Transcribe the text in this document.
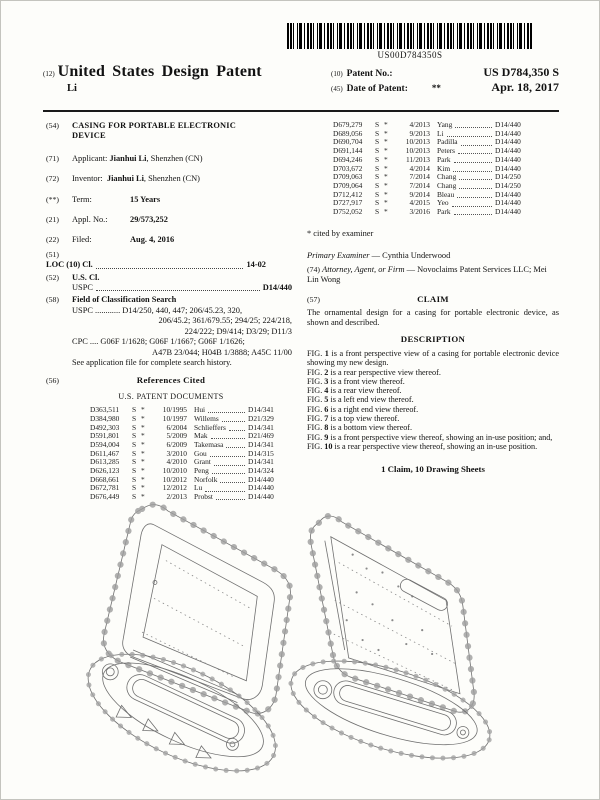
US00D784350S
(12) United States Design Patent
Li
(10) Patent No.:	US D784,350 S
(45) Date of Patent:	**	Apr. 18, 2017
(54) CASING FOR PORTABLE ELECTRONIC DEVICE
(71) Applicant: Jianhui Li, Shenzhen (CN)
(72) Inventor: Jianhui Li, Shenzhen (CN)
(**) Term:	15 Years
(21) Appl. No.:	29/573,252
(22) Filed:	Aug. 4, 2016
(51)
LOC (10) Cl.	14-02
(52) U.S. Cl.
USPC	D14/440
(58) Field of Classification Search
USPC ............ D14/250, 440, 447; 206/45.23, 320,
206/45.2; 361/679.55; 294/25; 224/218,
224/222; D9/414; D3/29; D11/3
CPC .... G06F 1/1628; G06F 1/1667; G06F 1/1626;
A47B 23/044; H04B 1/3888; A45C 11/00
See application file for complete search history.
(56)	References Cited
U.S. PATENT DOCUMENTS
D363,511	S *	10/1995 Hui	D14/341
D384,980	S *	10/1997 Willems	D21/329
D492,303	S *	6/2004 Schlieffers	D14/341
D591,801	S *	5/2009 Mak	D21/469
D594,004	S *	6/2009 Takemasa	D14/341
D611,467	S *	3/2010 Gou	D14/315
D613,285	S *	4/2010 Grant	D14/341
D626,123	S *	10/2010 Peng	D14/324
D668,661	S *	10/2012 Norfolk	D14/440
D672,781	S *	12/2012 Lu	D14/440
D676,449	S *	2/2013 Probst	D14/440
D679,279	S *	4/2013 Yang	D14/440
D689,056	S *	9/2013 Li	D14/440
D690,704	S *	10/2013 Padilla	D14/440
D691,144	S *	10/2013 Peters	D14/440
D694,246	S *	11/2013 Park	D14/440
D703,672	S *	4/2014 Kim	D14/440
D709,063	S *	7/2014 Chang	D14/250
D709,064	S *	7/2014 Chang	D14/250
D712,412	S *	9/2014 Bleau	D14/440
D727,917	S *	4/2015 Yeo	D14/440
D752,052	S *	3/2016 Park	D14/440
* cited by examiner

Primary Examiner — Cynthia Underwood

(74) Attorney, Agent, or Firm — Novoclaims Patent Services LLC; Mei Lin Wong

(57)	CLAIM

The ornamental design for a casing for portable electronic device, as shown and described.

DESCRIPTION

FIG. 1 is a front perspective view of a casing for portable electronic device showing my new design.

FIG. 2 is a rear perspective view thereof.

FIG. 3 is a front view thereof.

FIG. 4 is a rear view thereof.

FIG. 5 is a left end view thereof.

FIG. 6 is a right end view thereof.

FIG. 7 is a top view thereof.

FIG. 8 is a bottom view thereof.

FIG. 9 is a front perspective view thereof, showing an in-use position; and,

FIG. 10 is a rear perspective view thereof, showing an in-use position.

1 Claim, 10 Drawing Sheets
